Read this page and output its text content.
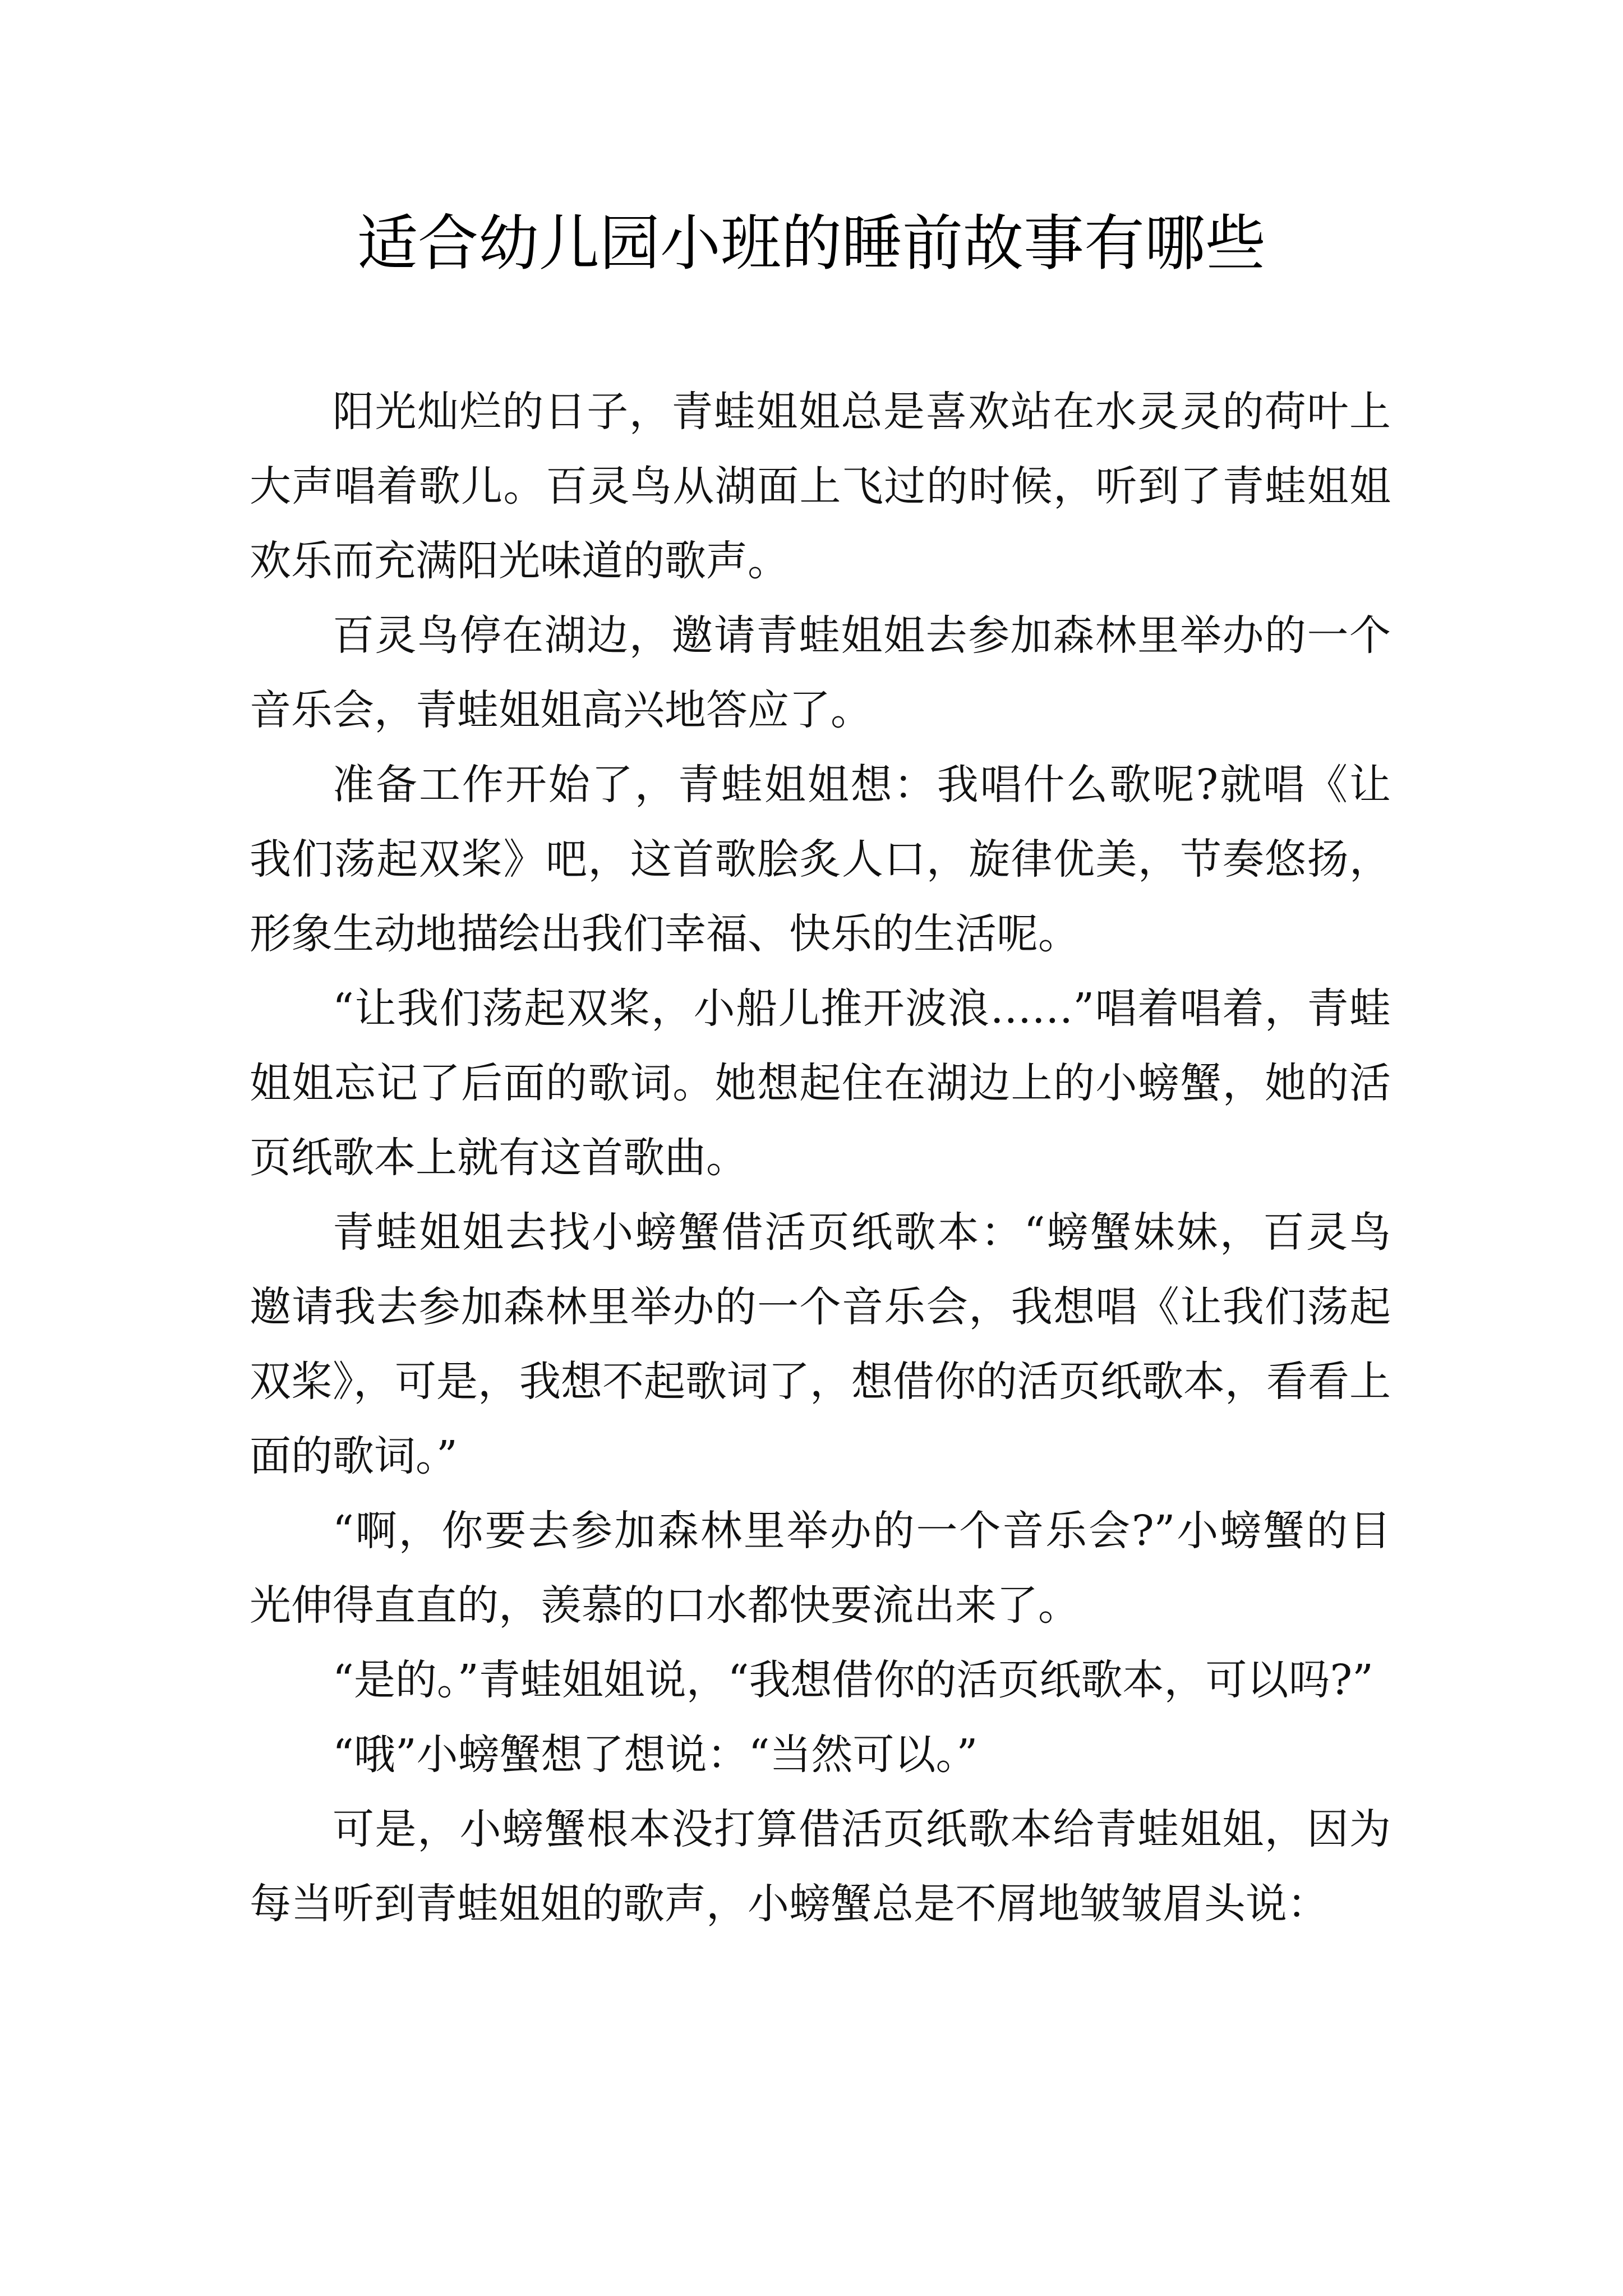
适合幼儿园小班的睡前故事有哪些

阳光灿烂的日子，青蛙姐姐总是喜欢站在水灵灵的荷叶上大声唱着歌儿。百灵鸟从湖面上飞过的时候，听到了青蛙姐姐欢乐而充满阳光味道的歌声。

百灵鸟停在湖边，邀请青蛙姐姐去参加森林里举办的一个音乐会，青蛙姐姐高兴地答应了。

准备工作开始了，青蛙姐姐想：我唱什么歌呢?就唱《让我们荡起双桨》吧，这首歌脍炙人口，旋律优美，节奏悠扬，形象生动地描绘出我们幸福、快乐的生活呢。

“让我们荡起双桨，小船儿推开波浪……”唱着唱着，青蛙姐姐忘记了后面的歌词。她想起住在湖边上的小螃蟹，她的活页纸歌本上就有这首歌曲。

青蛙姐姐去找小螃蟹借活页纸歌本：“螃蟹妹妹，百灵鸟邀请我去参加森林里举办的一个音乐会，我想唱《让我们荡起双桨》，可是，我想不起歌词了，想借你的活页纸歌本，看看上面的歌词。”

“啊，你要去参加森林里举办的一个音乐会?”小螃蟹的目光伸得直直的，羡慕的口水都快要流出来了。

“是的。”青蛙姐姐说，“我想借你的活页纸歌本，可以吗?”

“哦”小螃蟹想了想说：“当然可以。”

可是，小螃蟹根本没打算借活页纸歌本给青蛙姐姐，因为每当听到青蛙姐姐的歌声，小螃蟹总是不屑地皱皱眉头说：
